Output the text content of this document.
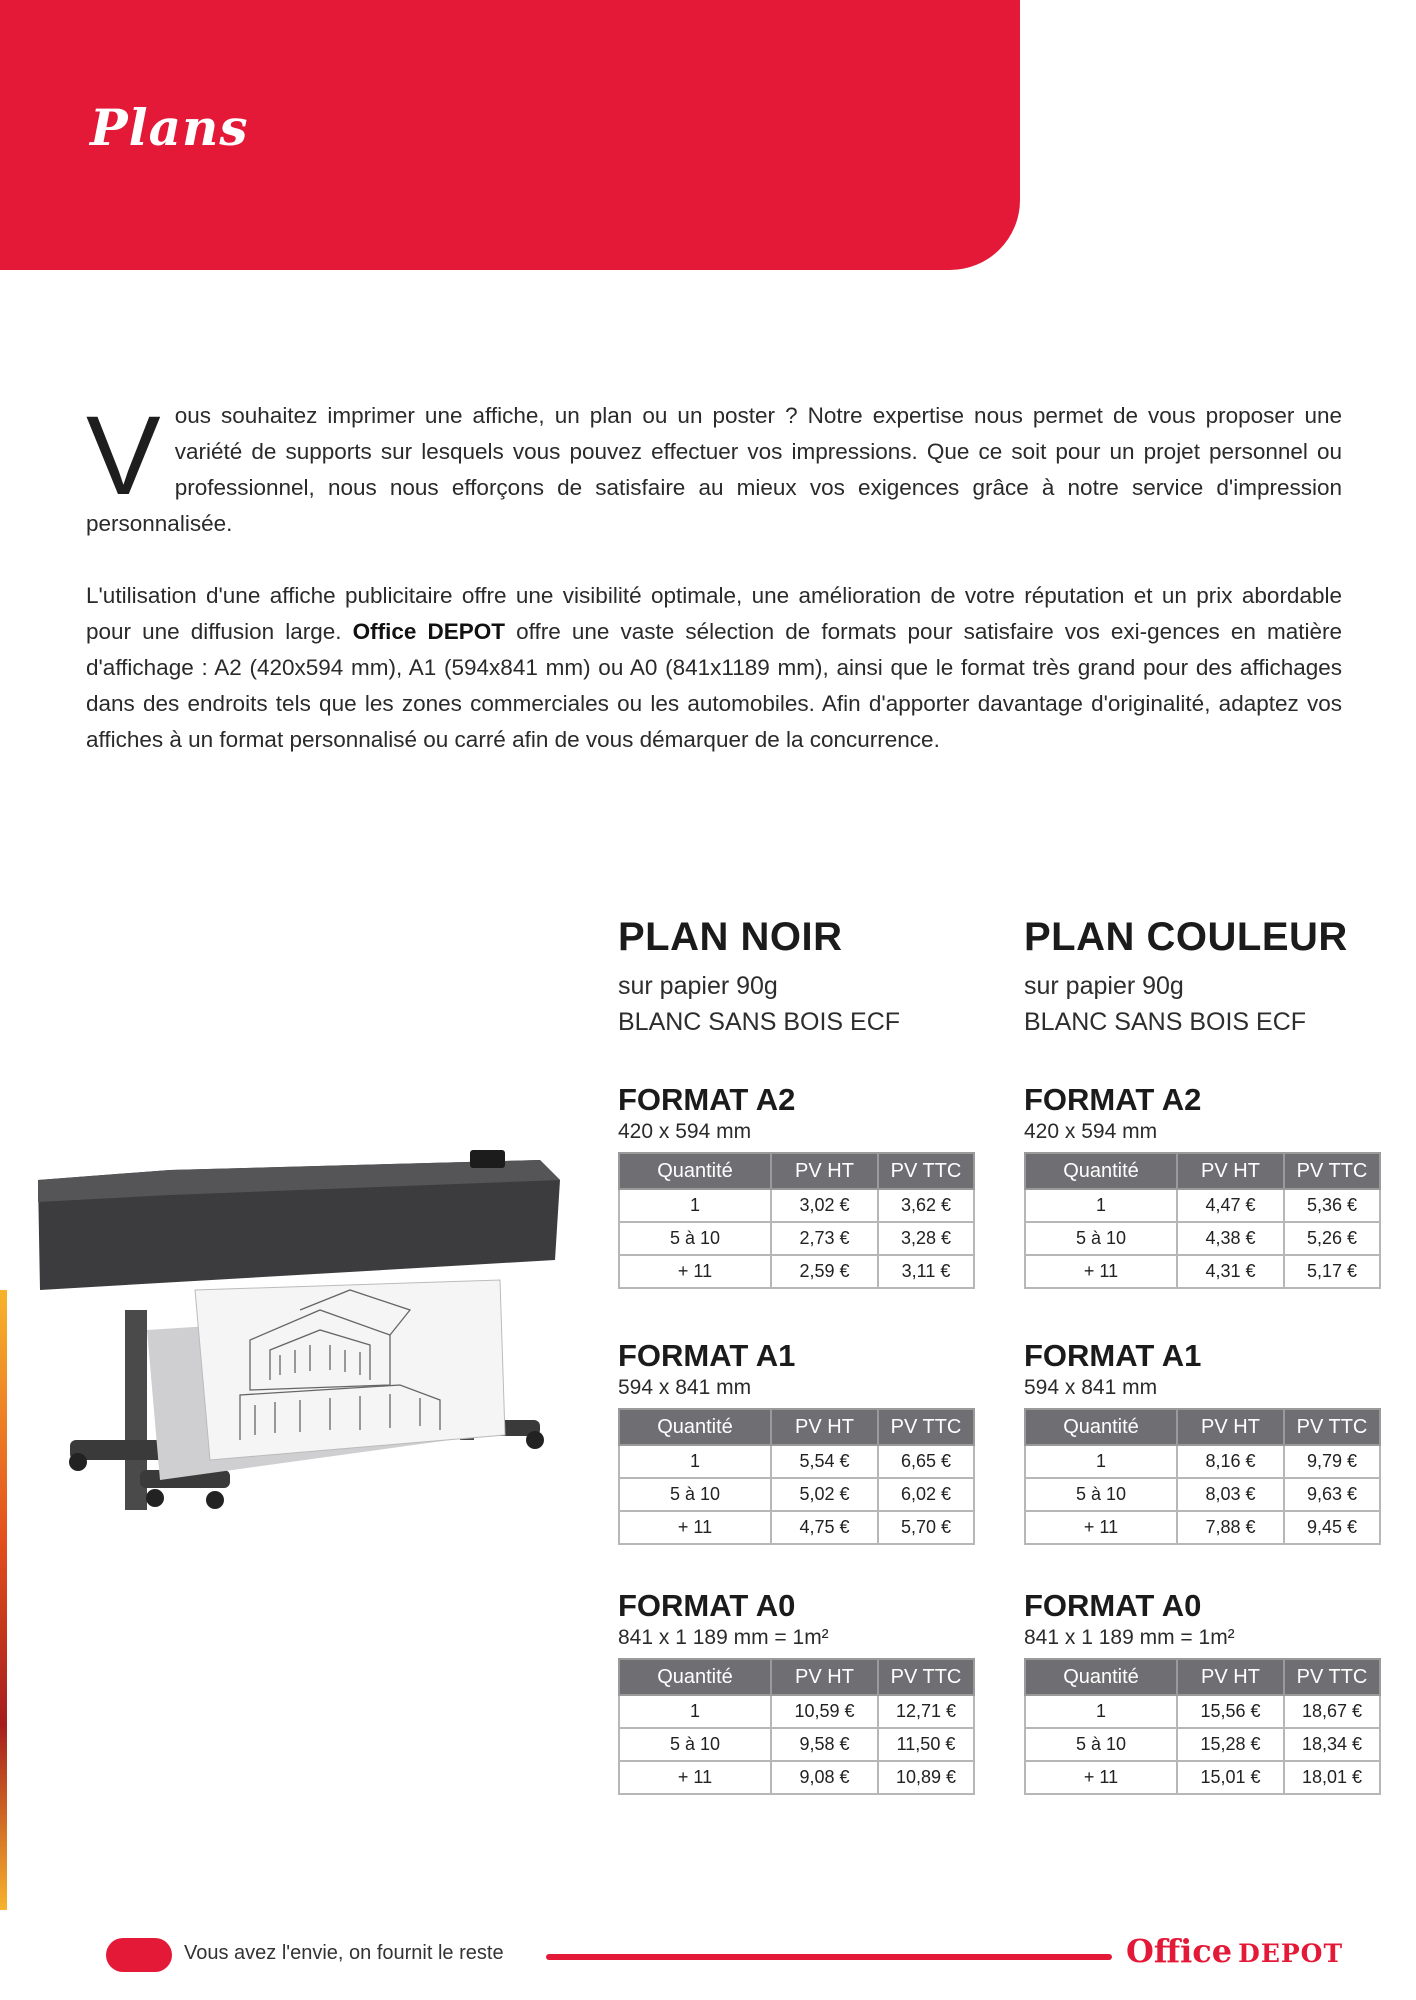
Plans

Vous souhaitez imprimer une affiche, un plan ou un poster ? Notre expertise nous permet de vous proposer une variété de supports sur lesquels vous pouvez effectuer vos impressions. Que ce soit pour un projet personnel ou professionnel, nous nous efforçons de satisfaire au mieux vos exigences grâce à notre service d'impression personnalisée.

L'utilisation d'une affiche publicitaire offre une visibilité optimale, une amélioration de votre réputation et un prix abordable pour une diffusion large. Office DEPOT offre une vaste sélection de formats pour satisfaire vos exi-gences en matière d'affichage : A2 (420x594 mm), A1 (594x841 mm) ou A0 (841x1189 mm), ainsi que le format très grand pour des affichages dans des endroits tels que les zones commerciales ou les automobiles. Afin d'apporter davantage d'originalité, adaptez vos affiches à un format personnalisé ou carré afin de vous démarquer de la concurrence.

PLAN NOIR

sur papier 90g

BLANC SANS BOIS ECF

PLAN COULEUR

sur papier 90g

BLANC SANS BOIS ECF

FORMAT A2

420 x 594 mm

Quantité	PV HT	PV TTC
1	3,02 €	3,62 €
5 à 10	2,73 €	3,28 €
+ 11	2,59 €	3,11 €
FORMAT A1

594 x 841 mm

Quantité	PV HT	PV TTC
1	5,54 €	6,65 €
5 à 10	5,02 €	6,02 €
+ 11	4,75 €	5,70 €
FORMAT A0

841 x 1 189 mm = 1m²

Quantité	PV HT	PV TTC
1	10,59 €	12,71 €
5 à 10	9,58 €	11,50 €
+ 11	9,08 €	10,89 €
FORMAT A2

420 x 594 mm

Quantité	PV HT	PV TTC
1	4,47 €	5,36 €
5 à 10	4,38 €	5,26 €
+ 11	4,31 €	5,17 €
FORMAT A1

594 x 841 mm

Quantité	PV HT	PV TTC
1	8,16 €	9,79 €
5 à 10	8,03 €	9,63 €
+ 11	7,88 €	9,45 €
FORMAT A0

841 x 1 189 mm = 1m²

Quantité	PV HT	PV TTC
1	15,56 €	18,67 €
5 à 10	15,28 €	18,34 €
+ 11	15,01 €	18,01 €
Vous avez l'envie, on fournit le reste	Office DEPOT
